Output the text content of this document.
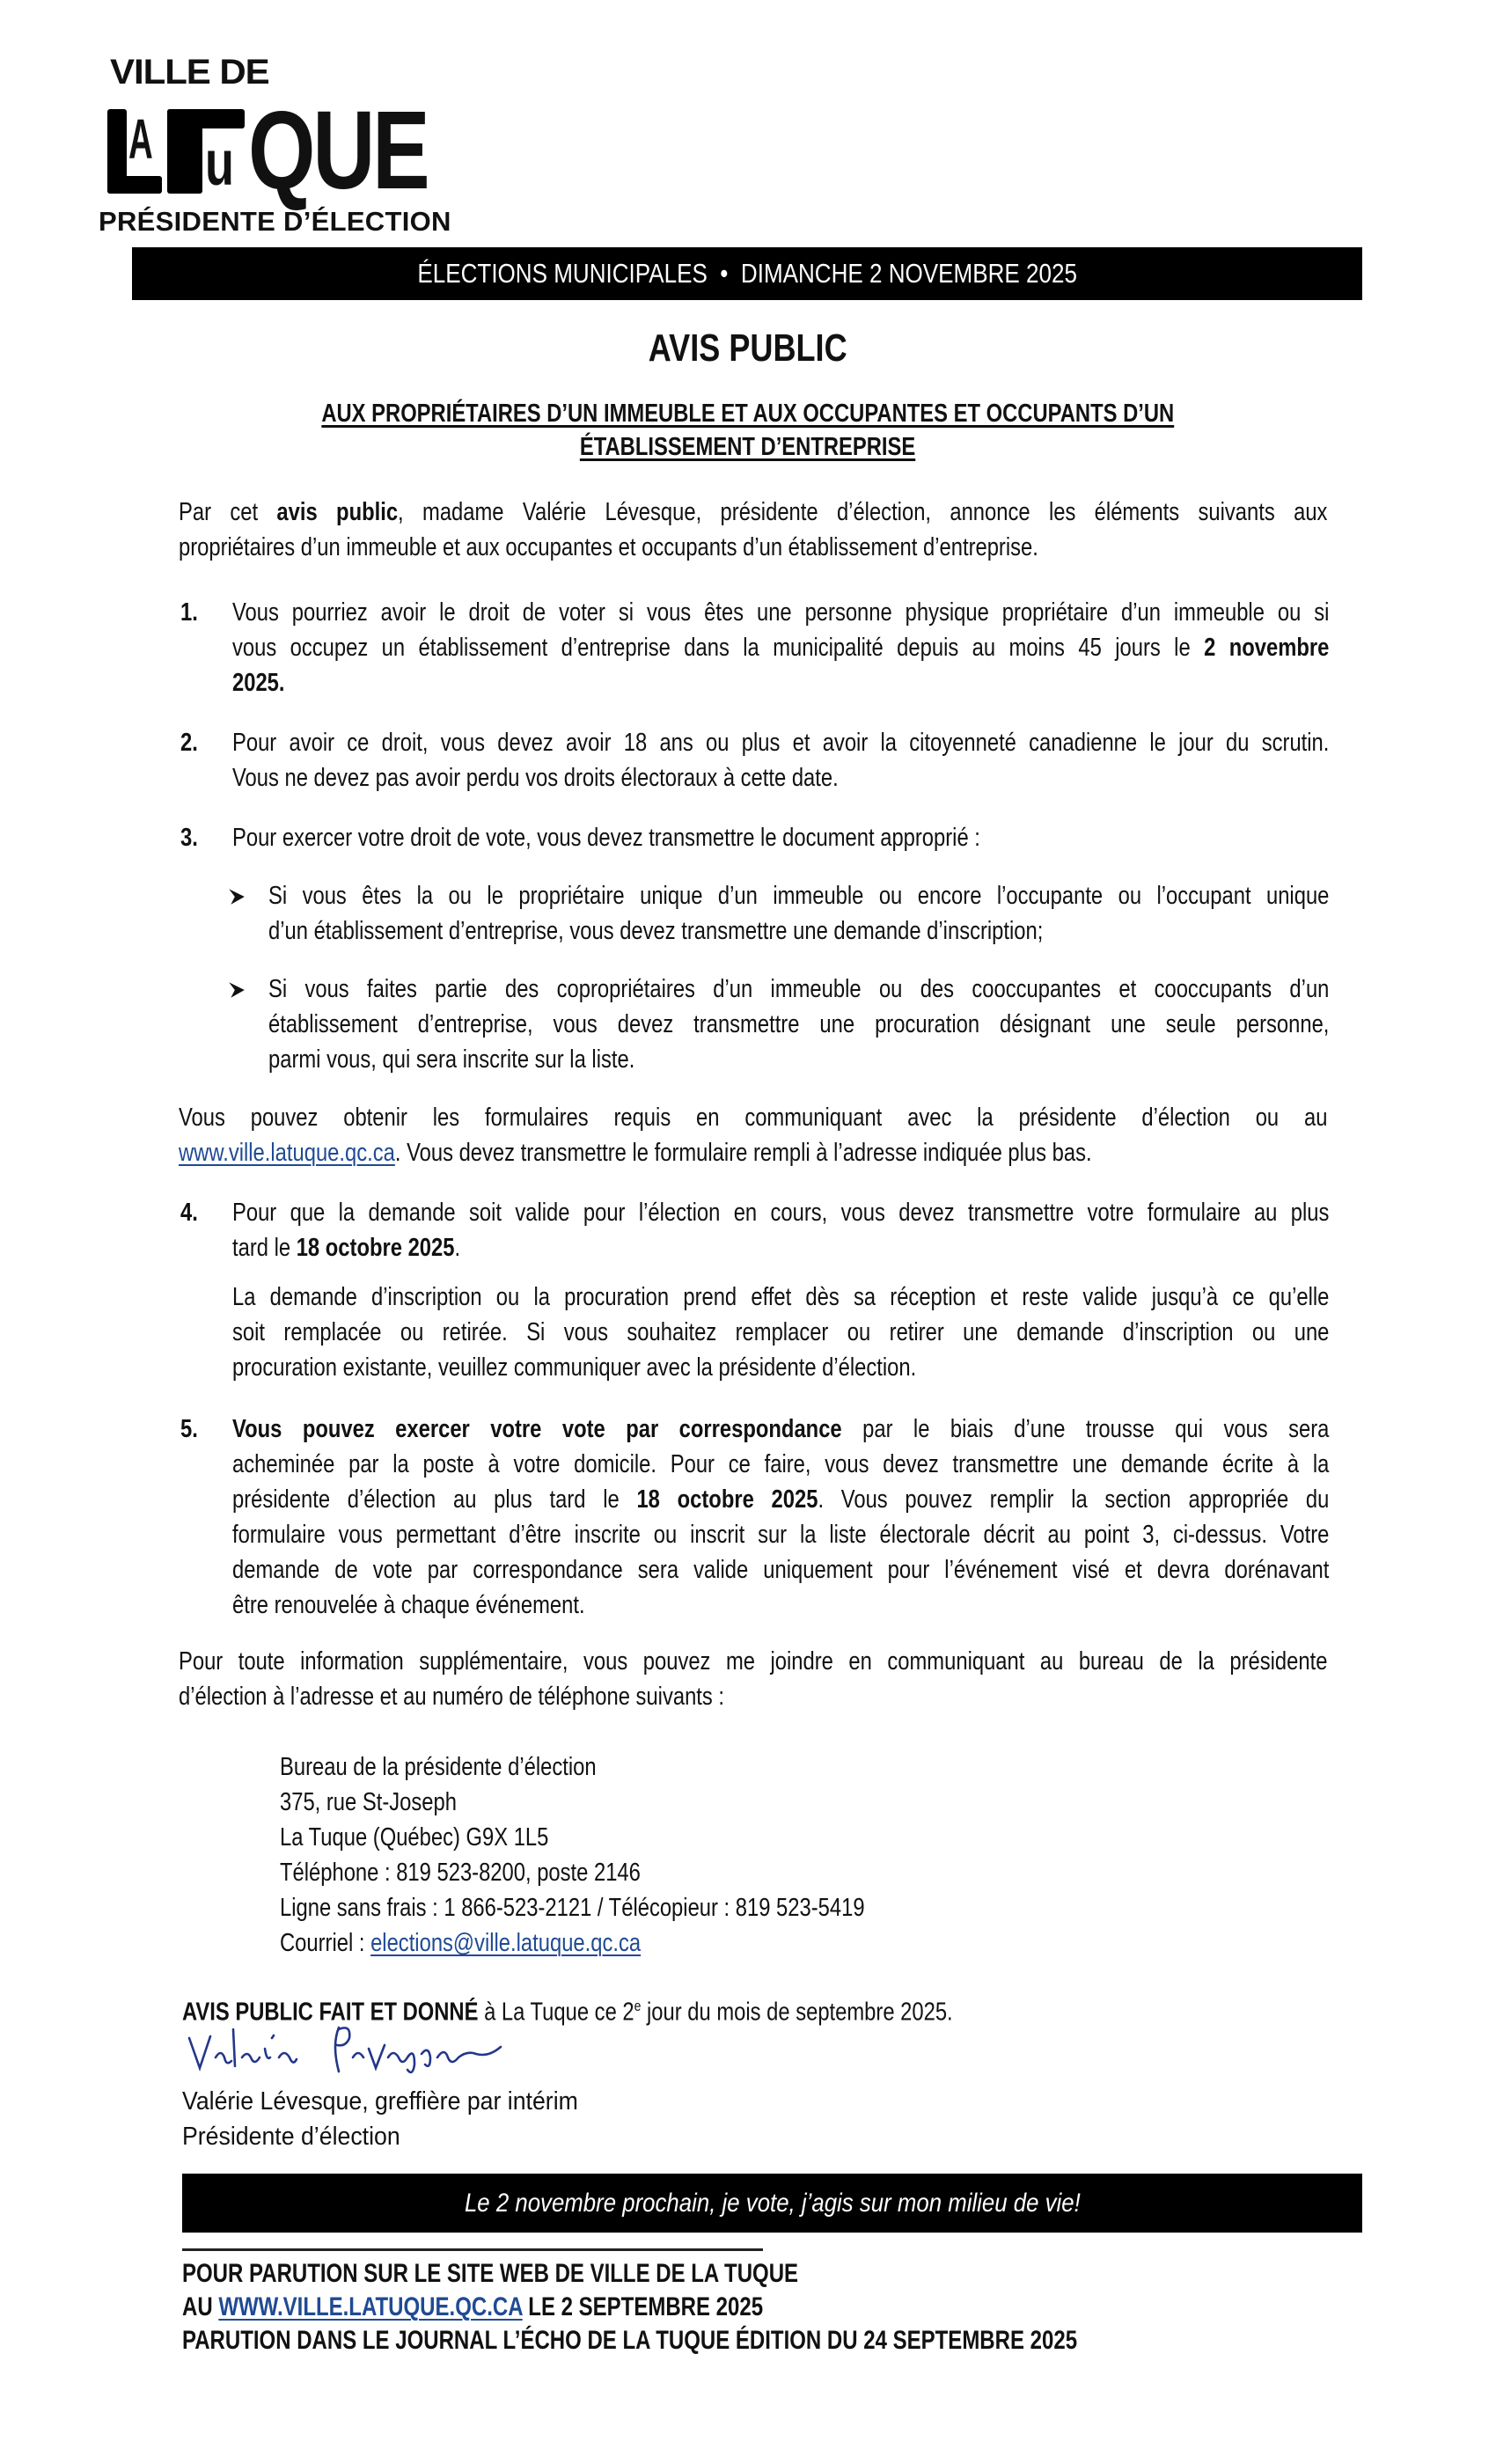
VILLE DE
A u QUE
PRÉSIDENTE D’ÉLECTION
ÉLECTIONS MUNICIPALES • DIMANCHE 2 NOVEMBRE 2025
AVIS PUBLIC
AUX PROPRIÉTAIRES D’UN IMMEUBLE ET AUX OCCUPANTES ET OCCUPANTS D’UN
ÉTABLISSEMENT D’ENTREPRISE
Par cet avis public, madame Valérie Lévesque, présidente d’élection, annonce les éléments suivants aux
propriétaires d’un immeuble et aux occupantes et occupants d’un établissement d’entreprise.
1. Vous pourriez avoir le droit de voter si vous êtes une personne physique propriétaire d’un immeuble ou si
vous occupez un établissement d’entreprise dans la municipalité depuis au moins 45 jours le 2 novembre
2025.
2. Pour avoir ce droit, vous devez avoir 18 ans ou plus et avoir la citoyenneté canadienne le jour du scrutin.
Vous ne devez pas avoir perdu vos droits électoraux à cette date.
3. Pour exercer votre droit de vote, vous devez transmettre le document approprié :
Si vous êtes la ou le propriétaire unique d’un immeuble ou encore l’occupante ou l’occupant unique
d’un établissement d’entreprise, vous devez transmettre une demande d’inscription;
Si vous faites partie des copropriétaires d’un immeuble ou des cooccupantes et cooccupants d’un
établissement d’entreprise, vous devez transmettre une procuration désignant une seule personne,
parmi vous, qui sera inscrite sur la liste.
Vous pouvez obtenir les formulaires requis en communiquant avec la présidente d’élection ou au
www.ville.latuque.qc.ca. Vous devez transmettre le formulaire rempli à l’adresse indiquée plus bas.
4. Pour que la demande soit valide pour l’élection en cours, vous devez transmettre votre formulaire au plus
tard le 18 octobre 2025.
La demande d’inscription ou la procuration prend effet dès sa réception et reste valide jusqu’à ce qu’elle
soit remplacée ou retirée. Si vous souhaitez remplacer ou retirer une demande d’inscription ou une
procuration existante, veuillez communiquer avec la présidente d’élection.
5. Vous pouvez exercer votre vote par correspondance par le biais d’une trousse qui vous sera
acheminée par la poste à votre domicile. Pour ce faire, vous devez transmettre une demande écrite à la
présidente d’élection au plus tard le 18 octobre 2025. Vous pouvez remplir la section appropriée du
formulaire vous permettant d’être inscrite ou inscrit sur la liste électorale décrit au point 3, ci-dessus. Votre
demande de vote par correspondance sera valide uniquement pour l’événement visé et devra dorénavant
être renouvelée à chaque événement.
Pour toute information supplémentaire, vous pouvez me joindre en communiquant au bureau de la présidente
d’élection à l’adresse et au numéro de téléphone suivants :
Bureau de la présidente d’élection
375, rue St-Joseph
La Tuque (Québec) G9X 1L5
Téléphone : 819 523-8200, poste 2146
Ligne sans frais : 1 866-523-2121 / Télécopieur : 819 523-5419
Courriel : elections@ville.latuque.qc.ca
AVIS PUBLIC FAIT ET DONNÉ à La Tuque ce 2e jour du mois de septembre 2025.
Valérie Lévesque, greffière par intérim
Présidente d’élection
Le 2 novembre prochain, je vote, j’agis sur mon milieu de vie!
POUR PARUTION SUR LE SITE WEB DE VILLE DE LA TUQUE
AU WWW.VILLE.LATUQUE.QC.CA LE 2 SEPTEMBRE 2025
PARUTION DANS LE JOURNAL L’ÉCHO DE LA TUQUE ÉDITION DU 24 SEPTEMBRE 2025
